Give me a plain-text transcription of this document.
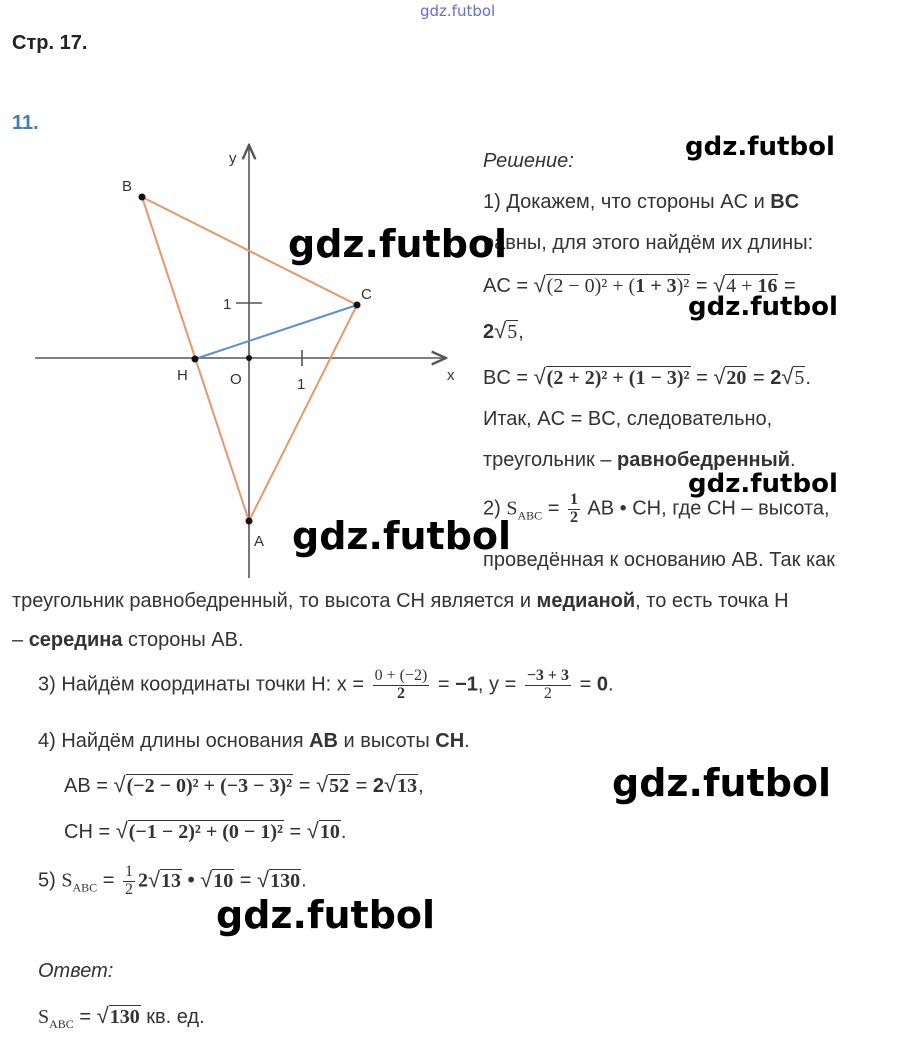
gdz.futbol
Стр. 17.
11.
y
x
B
C
A
H	O	1
1
Решение:
1) Докажем, что стороны AC и BC
равны, для этого найдём их длины:
AC = √(2 − 0)² + (1 + 3)² = √4 + 16 =
2√5,
BC = √(2 + 2)² + (1 − 3)² = √20 = 2√5.
Итак, AC = BC, следовательно,
треугольник – равнобедренный.
2) $S_{ABC} = \frac{1}{2}$ AB • CH, где CH – высота,
проведённая к основанию AB. Так как
треугольник равнобедренный, то высота CH является и медианой, то есть точка H
– середина стороны AB.
3) Найдём координаты точки H: $x = \frac{0 + (-2)}{2} = -1$, $y = \frac{-3 + 3}{2} = 0$.
4) Найдём длины основания AB и высоты CH.
AB = √(−2 − 0)² + (−3 − 3)² = √52 = 2√13,
CH = √(−1 − 2)² + (0 − 1)² = √10.
5) $S_{ABC} = \frac{1}{2} 2√13$ • √10 = √130.
Ответ:
$S_{ABC} = √130$ кв. ед.
gdz.futbol
gdz.futbol
gdz.futbol
gdz.futbol
gdz.futbol
gdz.futbol
gdz.futbol
